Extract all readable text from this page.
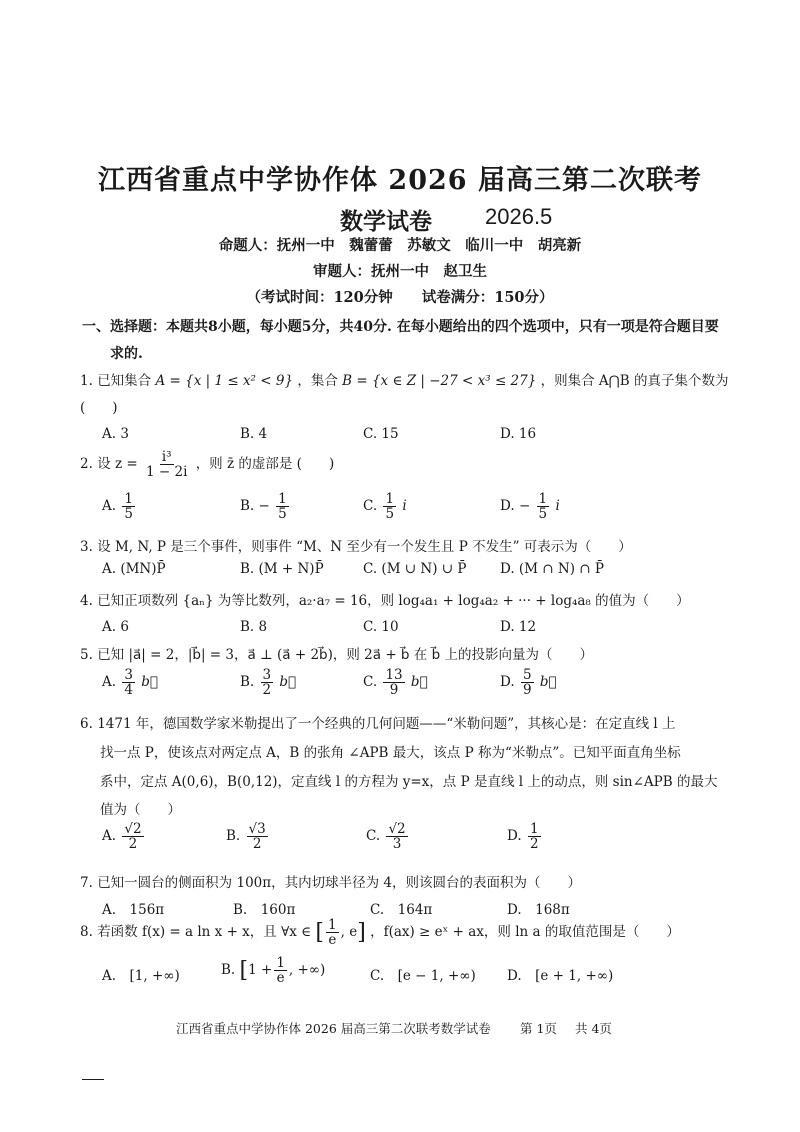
江西省重点中学协作体 2026 届高三第二次联考
数学试卷 2026.5
命题人：抚州一中　魏蕾蕾　苏敏文　临川一中　胡亮新
审题人：抚州一中　赵卫生
（考试时间：120分钟　　试卷满分：150分）
一、选择题：本题共8小题，每小题5分，共40分. 在每小题给出的四个选项中，只有一项是符合题目要
求的.
1. 已知集合 A = {x | 1 ≤ x² < 9} ，集合 B = {x ∈ Z | −27 < x³ ≤ 27} ，则集合 A⋂B 的真子集个数为
(　　)
A. 3	B. 4	C. 15	D. 16
2. 设 $z = \frac{\text{i³}}{1 - 2i}$ ，则 z̄ 的虚部是 (　　)
A. $\frac{1}{5}$	B. − $\frac{1}{5}$	C. $\frac{1}{5}$ i	D. − $\frac{1}{5}$ i
3. 设 M, N, P 是三个事件，则事件 “M、N 至少有一个发生且 P 不发生” 可表示为（　　）
A. (MN)P̄	B. (M + N)P̄	C. (M ∪ N) ∪ P̄ D. (M ∩ N) ∩ P̄
4. 已知正项数列 {aₙ} 为等比数列，a₂·a₇ = 16，则 log₄a₁ + log₄a₂ + ··· + log₄a₈ 的值为（　　）
A. 6	B. 8	C. 10	D. 12
5. 已知 |a⃗| = 2，|b⃗| = 3，a⃗ ⊥ (a⃗ + 2b⃗)，则 2a⃗ + b⃗ 在 b⃗ 上的投影向量为（　　）
A. $\frac{3}{4}$ b⃗	B. $\frac{3}{2}$ b⃗	C. $\frac{13}{9}$ b⃗	D. $\frac{5}{9}$ b⃗
6. 1471 年，德国数学家米勒提出了一个经典的几何问题——“米勒问题”，其核心是：在定直线 l 上
找一点 P，使该点对两定点 A，B 的张角 ∠APB 最大，该点 P 称为“米勒点”。已知平面直角坐标
系中，定点 A(0,6)，B(0,12)，定直线 l 的方程为 y=x，点 P 是直线 l 上的动点，则 sin∠APB 的最大
值为（　　）
A. $\frac{√2}{2}$	B. $\frac{√3}{2}$	C. $\frac{√2}{3}$	D. $\frac{1}{2}$
7. 已知一圆台的侧面积为 100π，其内切球半径为 4，则该圆台的表面积为（　　）
A.　156π	B.　160π	C.　164π	D.　168π
8. 若函数 f(x) = a ln x + x，且 ∀x ∈ [ $\frac{1}{e}$ , e] ，f(ax) ≥ eˣ + ax，则 ln a 的取值范围是（　　）
A.　[1, +∞)	B. [$1 + \frac{1}{e}$ , +∞)	C.　[e − 1, +∞) D.　[e + 1, +∞)
江西省重点中学协作体 2026 届高三第二次联考数学试卷 第 1页 共 4页
